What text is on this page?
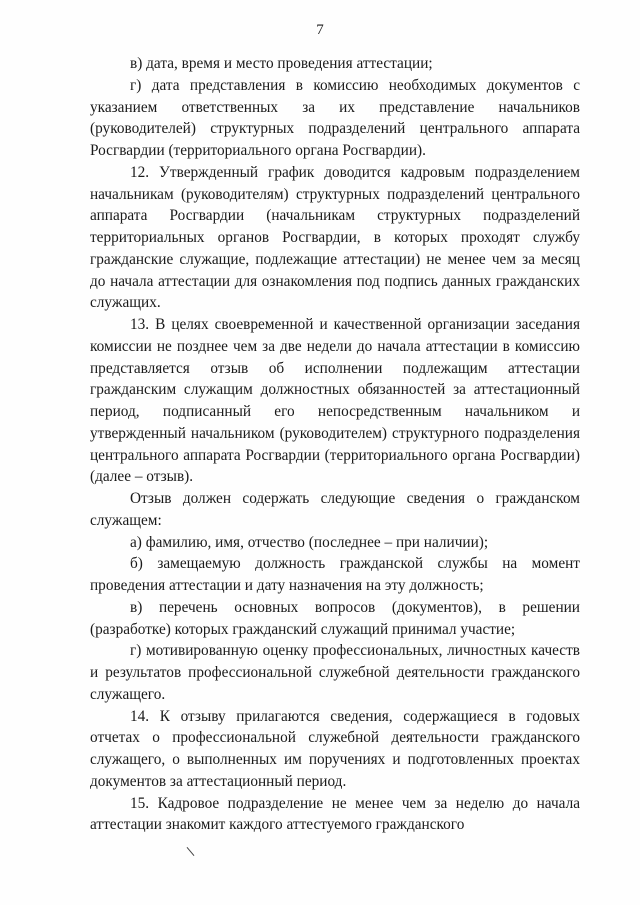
7

в) дата, время и место проведения аттестации;

г) дата представления в комиссию необходимых документов с указанием ответственных за их представление начальников (руководителей) структурных подразделений центрального аппарата Росгвардии (территориального органа Росгвардии).

12. Утвержденный график доводится кадровым подразделением начальникам (руководителям) структурных подразделений центрального аппарата Росгвардии (начальникам структурных подразделений территориальных органов Росгвардии, в которых проходят службу гражданские служащие, подлежащие аттестации) не менее чем за месяц до начала аттестации для ознакомления под подпись данных гражданских служащих.

13. В целях своевременной и качественной организации заседания комиссии не позднее чем за две недели до начала аттестации в комиссию представляется отзыв об исполнении подлежащим аттестации гражданским служащим должностных обязанностей за аттестационный период, подписанный его непосредственным начальником и утвержденный начальником (руководителем) структурного подразделения центрального аппарата Росгвардии (территориального органа Росгвардии) (далее – отзыв).

Отзыв должен содержать следующие сведения о гражданском служащем:

а) фамилию, имя, отчество (последнее – при наличии);

б) замещаемую должность гражданской службы на момент проведения аттестации и дату назначения на эту должность;

в) перечень основных вопросов (документов), в решении (разработке) которых гражданский служащий принимал участие;

г) мотивированную оценку профессиональных, личностных качеств и результатов профессиональной служебной деятельности гражданского служащего.

14. К отзыву прилагаются сведения, содержащиеся в годовых отчетах о профессиональной служебной деятельности гражданского служащего, о выполненных им поручениях и подготовленных проектах документов за аттестационный период.

15. Кадровое подразделение не менее чем за неделю до начала аттестации знакомит каждого аттестуемого гражданского
